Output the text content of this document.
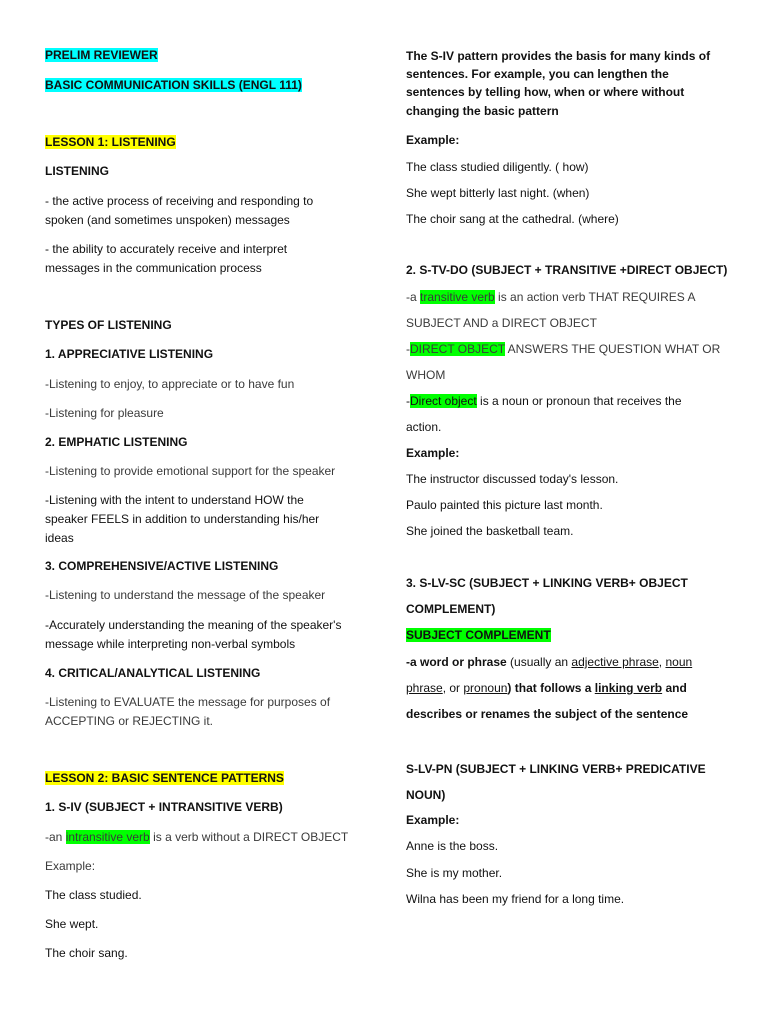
PRELIM REVIEWER
BASIC COMMUNICATION SKILLS (ENGL 111)
LESSON 1: LISTENING
LISTENING
- the active process of receiving and responding to
spoken (and sometimes unspoken) messages
- the ability to accurately receive and interpret
messages in the communication process
TYPES OF LISTENING
1. APPRECIATIVE LISTENING
-Listening to enjoy, to appreciate or to have fun
-Listening for pleasure
2. EMPHATIC LISTENING
-Listening to provide emotional support for the speaker
-Listening with the intent to understand HOW the
speaker FEELS in addition to understanding his/her
ideas
3. COMPREHENSIVE/ACTIVE LISTENING
-Listening to understand the message of the speaker
-Accurately understanding the meaning of the speaker's
message while interpreting non-verbal symbols
4. CRITICAL/ANALYTICAL LISTENING
-Listening to EVALUATE the message for purposes of
ACCEPTING or REJECTING it.
LESSON 2: BASIC SENTENCE PATTERNS
1. S-IV (SUBJECT + INTRANSITIVE VERB)
-an intransitive verb is a verb without a DIRECT OBJECT
Example:
The class studied.
She wept.
The choir sang.
The S-IV pattern provides the basis for many kinds of
sentences. For example, you can lengthen the
sentences by telling how, when or where without
changing the basic pattern
Example:
The class studied diligently. ( how)
She wept bitterly last night. (when)
The choir sang at the cathedral. (where)
2. S-TV-DO (SUBJECT + TRANSITIVE +DIRECT OBJECT)
-a transitive verb is an action verb THAT REQUIRES A
SUBJECT AND a DIRECT OBJECT
-DIRECT OBJECT ANSWERS THE QUESTION WHAT OR
WHOM
-Direct object is a noun or pronoun that receives the
action.
Example:
The instructor discussed today's lesson.
Paulo painted this picture last month.
She joined the basketball team.
3. S-LV-SC (SUBJECT + LINKING VERB+ OBJECT
COMPLEMENT)
SUBJECT COMPLEMENT
-a word or phrase (usually an adjective phrase, noun
phrase, or pronoun) that follows a linking verb and
describes or renames the subject of the sentence
S-LV-PN (SUBJECT + LINKING VERB+ PREDICATIVE
NOUN)
Example:
Anne is the boss.
She is my mother.
Wilna has been my friend for a long time.
